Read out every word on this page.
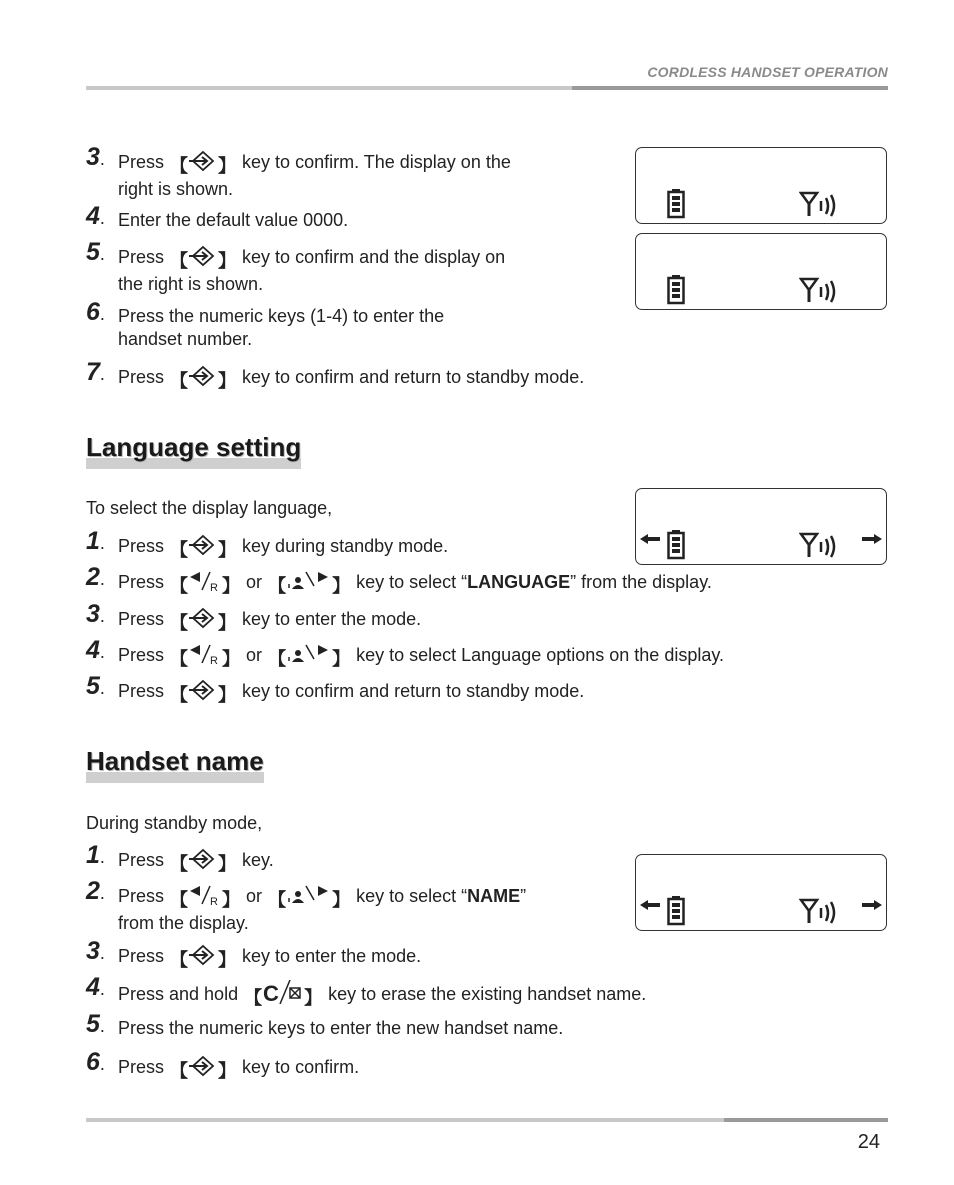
CORDLESS HANDSET OPERATION
3. Press 【 】 key to confirm. The display on the
right is shown.
4. Enter the default value 0000.
5. Press 【 】 key to confirm and the display on
the right is shown.
6. Press the numeric keys (1-4) to enter the
handset number.
7. Press 【 】 key to confirm and return to standby mode.
Language setting
To select the display language,
1. Press 【 】 key during standby mode.
2. Press 【 R 】 or 【	】 key to select “LANGUAGE” from the display.
3. Press 【 】 key to enter the mode.
4. Press 【 R 】 or 【	】 key to select Language options on the display.
5. Press 【 】 key to confirm and return to standby mode.
Handset name
During standby mode,
1. Press 【 】 key.
2. Press 【 R 】 or 【	】 key to select “NAME”
from the display.
3. Press 【 】 key to enter the mode.
4. Press and hold 【 C 】 key to erase the existing handset name.
5. Press the numeric keys to enter the new handset name.
6. Press 【 】 key to confirm.
24
